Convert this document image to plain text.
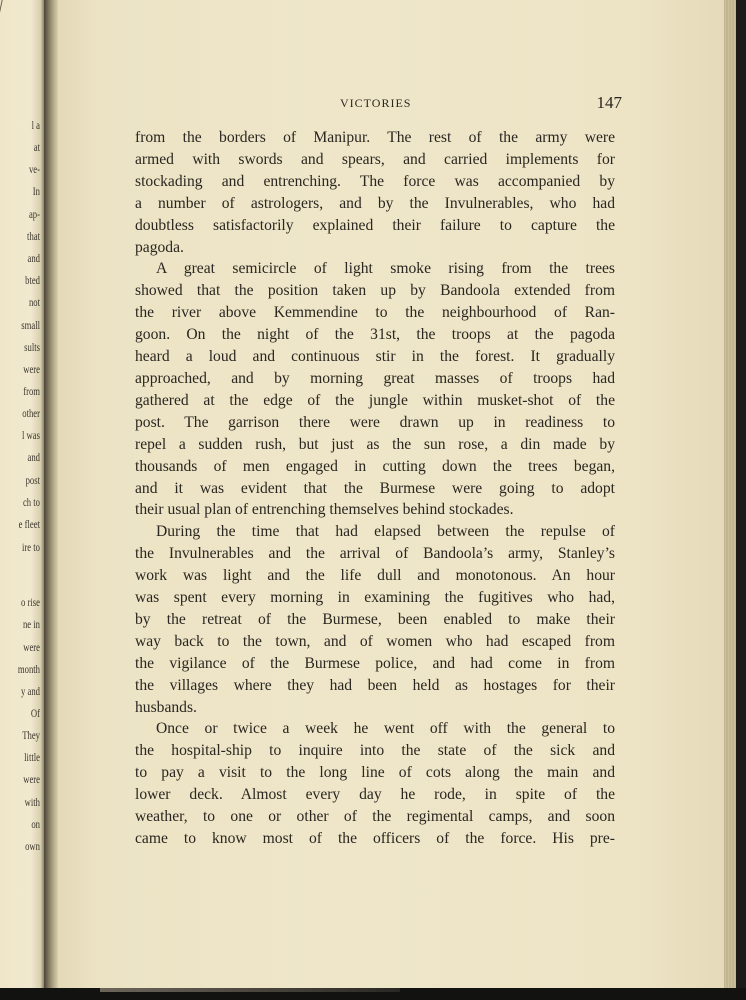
l a
at
ve-
In
ap-
that
and
bted
not
small
sults
were
from
other
l was
and
post
ch to
e fleet
ire to
o rise
ne in
were
month
y and
Of
They
little
were
with
on
own
VICTORIES	147
from the borders of Manipur. The rest of the army were
armed with swords and spears, and carried implements for
stockading and entrenching. The force was accompanied by
a number of astrologers, and by the Invulnerables, who had
doubtless satisfactorily explained their failure to capture the
pagoda.
A great semicircle of light smoke rising from the trees
showed that the position taken up by Bandoola extended from
the river above Kemmendine to the neighbourhood of Ran-
goon. On the night of the 31st, the troops at the pagoda
heard a loud and continuous stir in the forest. It gradually
approached, and by morning great masses of troops had
gathered at the edge of the jungle within musket-shot of the
post. The garrison there were drawn up in readiness to
repel a sudden rush, but just as the sun rose, a din made by
thousands of men engaged in cutting down the trees began,
and it was evident that the Burmese were going to adopt
their usual plan of entrenching themselves behind stockades.
During the time that had elapsed between the repulse of
the Invulnerables and the arrival of Bandoola’s army, Stanley’s
work was light and the life dull and monotonous. An hour
was spent every morning in examining the fugitives who had,
by the retreat of the Burmese, been enabled to make their
way back to the town, and of women who had escaped from
the vigilance of the Burmese police, and had come in from
the villages where they had been held as hostages for their
husbands.
Once or twice a week he went off with the general to
the hospital-ship to inquire into the state of the sick and
to pay a visit to the long line of cots along the main and
lower deck. Almost every day he rode, in spite of the
weather, to one or other of the regimental camps, and soon
came to know most of the officers of the force. His pre-
